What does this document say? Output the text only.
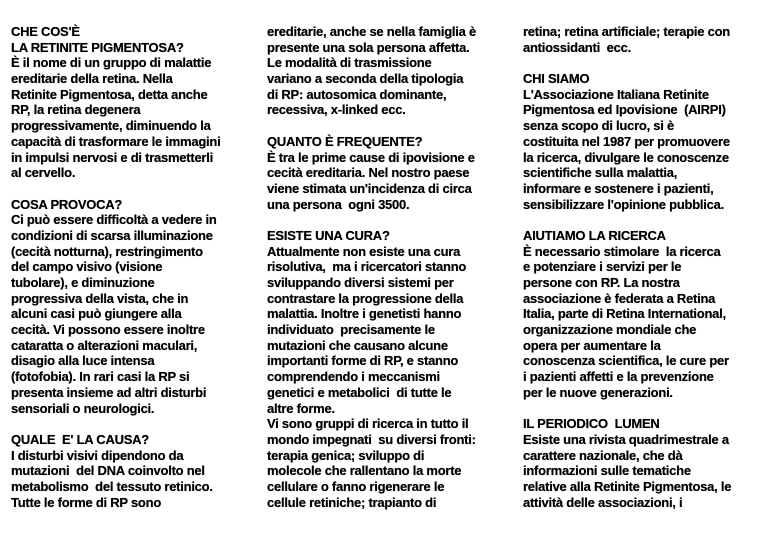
CHE COS'È
LA RETINITE PIGMENTOSA?
È il nome di un gruppo di malattie
ereditarie della retina. Nella
Retinite Pigmentosa, detta anche
RP, la retina degenera
progressivamente, diminuendo la
capacità di trasformare le immagini
in impulsi nervosi e di trasmetterli
al cervello.

COSA PROVOCA?
Ci può essere difficoltà a vedere in
condizioni di scarsa illuminazione
(cecità notturna), restringimento
del campo visivo (visione
tubolare), e diminuzione
progressiva della vista, che in
alcuni casi può giungere alla
cecità. Vi possono essere inoltre
cataratta o alterazioni maculari,
disagio alla luce intensa
(fotofobia). In rari casi la RP si
presenta insieme ad altri disturbi
sensoriali o neurologici.

QUALE  E' LA CAUSA?
I disturbi visivi dipendono da
mutazioni  del DNA coinvolto nel
metabolismo  del tessuto retinico.
Tutte le forme di RP sono
ereditarie, anche se nella famiglia è
presente una sola persona affetta.
Le modalità di trasmissione
variano a seconda della tipologia
di RP: autosomica dominante,
recessiva, x-linked ecc.

QUANTO È FREQUENTE?
È tra le prime cause di ipovisione e
cecità ereditaria. Nel nostro paese
viene stimata un'incidenza di circa
una persona  ogni 3500.

ESISTE UNA CURA?
Attualmente non esiste una cura
risolutiva,  ma i ricercatori stanno
sviluppando diversi sistemi per
contrastare la progressione della
malattia. Inoltre i genetisti hanno
individuato  precisamente le
mutazioni che causano alcune
importanti forme di RP, e stanno
comprendendo i meccanismi
genetici e metabolici  di tutte le
altre forme.
Vi sono gruppi di ricerca in tutto il
mondo impegnati  su diversi fronti:
terapia genica; sviluppo di
molecole che rallentano la morte
cellulare o fanno rigenerare le
cellule retiniche; trapianto di
retina; retina artificiale; terapie con
antiossidanti  ecc.

CHI SIAMO
L'Associazione Italiana Retinite
Pigmentosa ed Ipovisione  (AIRPI)
senza scopo di lucro, si è
costituita nel 1987 per promuovere
la ricerca, divulgare le conoscenze
scientifiche sulla malattia,
informare e sostenere i pazienti,
sensibilizzare l'opinione pubblica.

AIUTIAMO LA RICERCA
È necessario stimolare  la ricerca
e potenziare i servizi per le
persone con RP. La nostra
associazione è federata a Retina
Italia, parte di Retina International,
organizzazione mondiale che
opera per aumentare la
conoscenza scientifica, le cure per
i pazienti affetti e la prevenzione
per le nuove generazioni.

IL PERIODICO  LUMEN
Esiste una rivista quadrimestrale a
carattere nazionale, che dà
informazioni sulle tematiche
relative alla Retinite Pigmentosa, le
attività delle associazioni, i
